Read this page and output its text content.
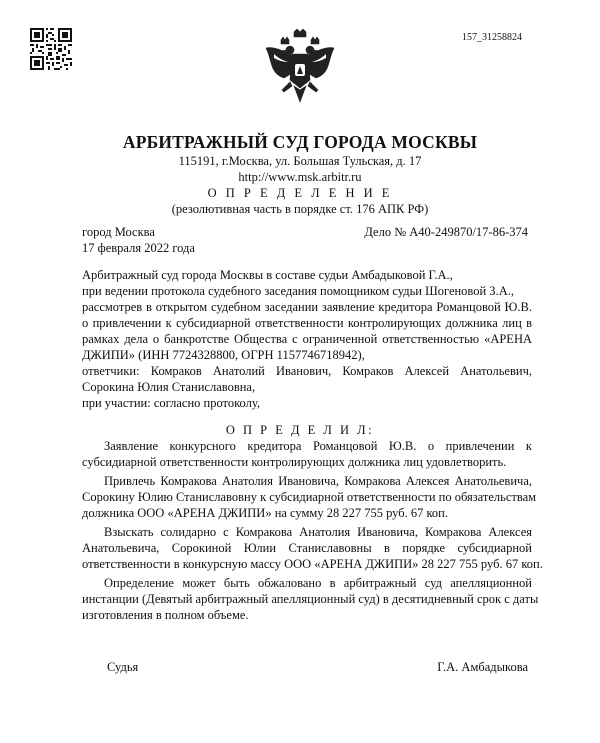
157_31258824
АРБИТРАЖНЫЙ СУД ГОРОДА МОСКВЫ
115191, г.Москва, ул. Большая Тульская, д. 17
http://www.msk.arbitr.ru
О П Р Е Д Е Л Е Н И Е
(резолютивная часть в порядке ст. 176 АПК РФ)
город Москва
17 февраля 2022 года
Дело № А40-249870/17-86-374
Арбитражный суд города Москвы в составе судьи Амбадыковой Г.А.,
при ведении протокола судебного заседания помощником судьи Шогеновой З.А.,
рассмотрев в открытом судебном заседании заявление кредитора Романцовой Ю.В.
о привлечении к субсидиарной ответственности контролирующих должника лиц в
рамках дела о банкротстве Общества с ограниченной ответственностью «АРЕНА
ДЖИПИ» (ИНН 7724328800, ОГРН 1157746718942),
ответчики: Комраков Анатолий Иванович, Комраков Алексей Анатольевич,
Сорокина Юлия Станиславовна,
при участии: согласно протоколу,
О П Р Е Д Е Л И Л:
Заявление конкурсного кредитора Романцовой Ю.В. о привлечении к
субсидиарной ответственности контролирующих должника лиц удовлетворить.
Привлечь Комракова Анатолия Ивановича, Комракова Алексея Анатольевича,
Сорокину Юлию Станиславовну к субсидиарной ответственности по обязательствам
должника ООО «АРЕНА ДЖИПИ» на сумму 28 227 755 руб. 67 коп.
Взыскать солидарно с Комракова Анатолия Ивановича, Комракова Алексея
Анатольевича, Сорокиной Юлии Станиславовны в порядке субсидиарной
ответственности в конкурсную массу ООО «АРЕНА ДЖИПИ» 28 227 755 руб. 67 коп.
Определение может быть обжаловано в арбитражный суд апелляционной
инстанции (Девятый арбитражный апелляционный суд) в десятидневный срок с даты
изготовления в полном объеме.
Судья	Г.А. Амбадыкова
